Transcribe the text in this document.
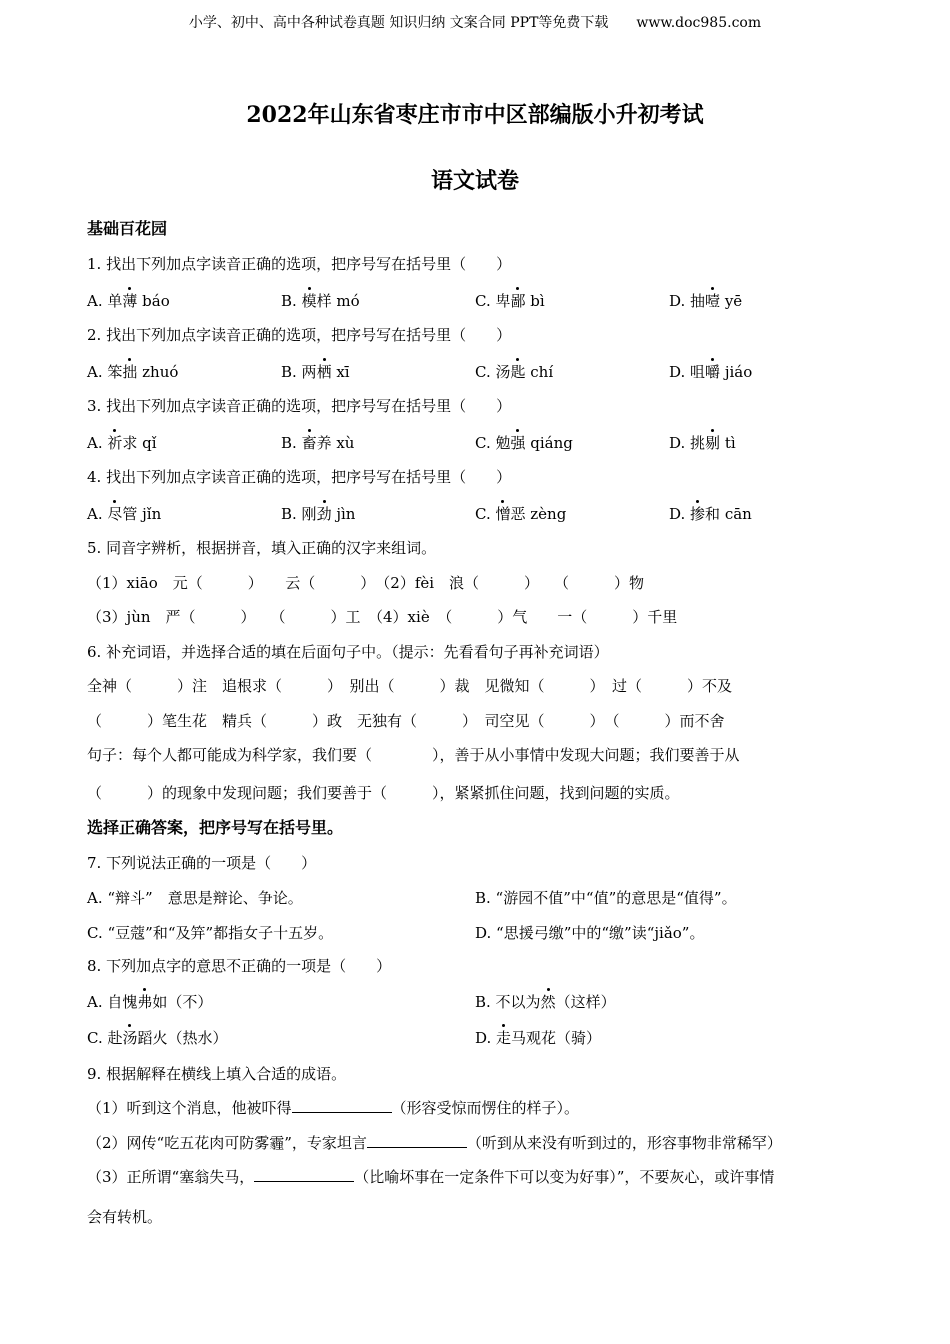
小学、初中、高中各种试卷真题 知识归纳 文案合同 PPT等免费下载 www.doc985.com
2022年山东省枣庄市市中区部编版小升初考试
语文试卷
基础百花园
1. 找出下列加点字读音正确的选项，把序号写在括号里（　　）
A. 单薄 báo	B. 模样 mó	C. 卑鄙 bì	D. 抽噎 yē
2. 找出下列加点字读音正确的选项，把序号写在括号里（　　）
A. 笨拙 zhuó	B. 两栖 xī	C. 汤匙 chí	D. 咀嚼 jiáo
3. 找出下列加点字读音正确的选项，把序号写在括号里（　　）
A. 祈求 qǐ	B. 畜养 xù	C. 勉强 qiáng	D. 挑剔 tì
4. 找出下列加点字读音正确的选项，把序号写在括号里（　　）
A. 尽管 jǐn	B. 刚劲 jìn	C. 憎恶 zèng	D. 掺和 cān
5. 同音字辨析，根据拼音，填入正确的汉字来组词。
（1）xiāo　元（　　　）　　云（　　　）　（2）fèi　浪（　　　）　　（　　　）物
（3）jùn　严（　　　）　　（　　　）工　（4）xiè　（　　　）气　　一（　　　）千里
6. 补充词语，并选择合适的填在后面句子中。（提示：先看看句子再补充词语）
全神（　　　）注　追根求（　　　）　别出（　　　）裁　见微知（　　　）　过（　　　）不及
（　　　）笔生花　精兵（　　　）政　无独有（　　　）　司空见（　　　）　（　　　）而不舍
句子：每个人都可能成为科学家，我们要（　　　　），善于从小事情中发现大问题；我们要善于从
（　　　）的现象中发现问题；我们要善于（　　　），紧紧抓住问题，找到问题的实质。
选择正确答案，把序号写在括号里。
7. 下列说法正确的一项是（　　）
A. “辩斗”　意思是辩论、争论。	B. “游园不值”中“值”的意思是“值得”。
C. “豆蔻”和“及笄”都指女子十五岁。	D. “思援弓缴”中的“缴”读“jiǎo”。
8. 下列加点字的意思不正确的一项是（　　）
A. 自愧弗如（不）	B. 不以为然（这样）
C. 赴汤蹈火（热水）	D. 走马观花（骑）
9. 根据解释在横线上填入合适的成语。
（1）听到这个消息，他被吓得	（形容受惊而愣住的样子）。
（2）网传“吃五花肉可防雾霾”，专家坦言	（听到从来没有听到过的，形容事物非常稀罕）
（3）正所谓“塞翁失马，	（比喻坏事在一定条件下可以变为好事）”，不要灰心，或许事情
会有转机。
